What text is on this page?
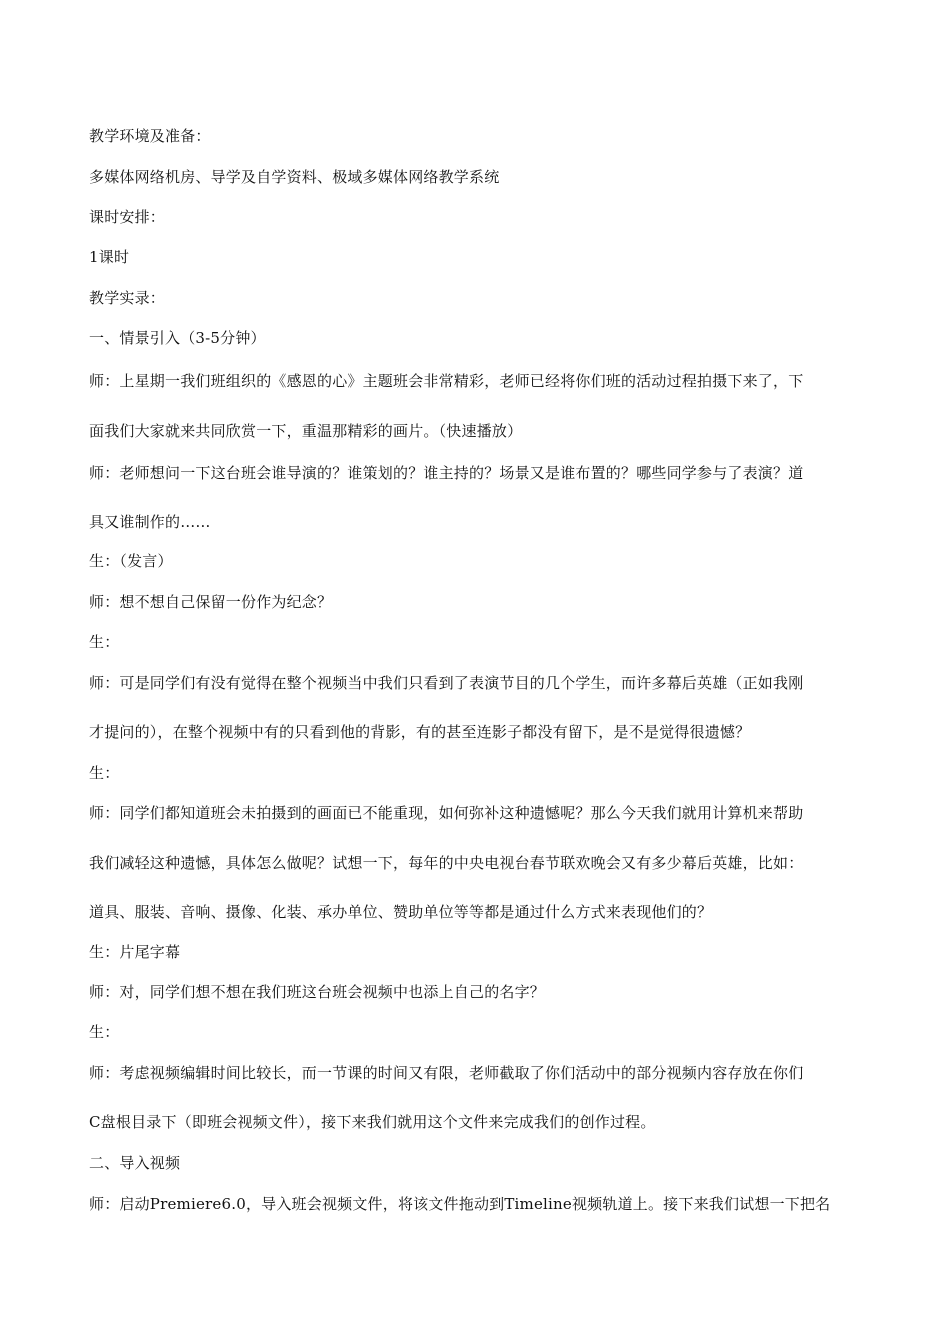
教学环境及准备：
多媒体网络机房、导学及自学资料、极域多媒体网络教学系统
课时安排：
1课时
教学实录：
一、情景引入（3-5分钟）
师：上星期一我们班组织的《感恩的心》主题班会非常精彩，老师已经将你们班的活动过程拍摄下来了，下
面我们大家就来共同欣赏一下，重温那精彩的画片。（快速播放）
师：老师想问一下这台班会谁导演的？谁策划的？谁主持的？场景又是谁布置的？哪些同学参与了表演？道
具又谁制作的……
生：（发言）
师：想不想自己保留一份作为纪念？
生：
师：可是同学们有没有觉得在整个视频当中我们只看到了表演节目的几个学生，而许多幕后英雄（正如我刚
才提问的），在整个视频中有的只看到他的背影，有的甚至连影子都没有留下，是不是觉得很遗憾？
生：
师：同学们都知道班会未拍摄到的画面已不能重现，如何弥补这种遗憾呢？那么今天我们就用计算机来帮助
我们减轻这种遗憾，具体怎么做呢？试想一下，每年的中央电视台春节联欢晚会又有多少幕后英雄，比如：
道具、服装、音响、摄像、化装、承办单位、赞助单位等等都是通过什么方式来表现他们的？
生：片尾字幕
师：对，同学们想不想在我们班这台班会视频中也添上自己的名字？
生：
师：考虑视频编辑时间比较长，而一节课的时间又有限，老师截取了你们活动中的部分视频内容存放在你们
C盘根目录下（即班会视频文件），接下来我们就用这个文件来完成我们的创作过程。
二、导入视频
师：启动Premiere6.0，导入班会视频文件，将该文件拖动到Timeline视频轨道上。接下来我们试想一下把名
